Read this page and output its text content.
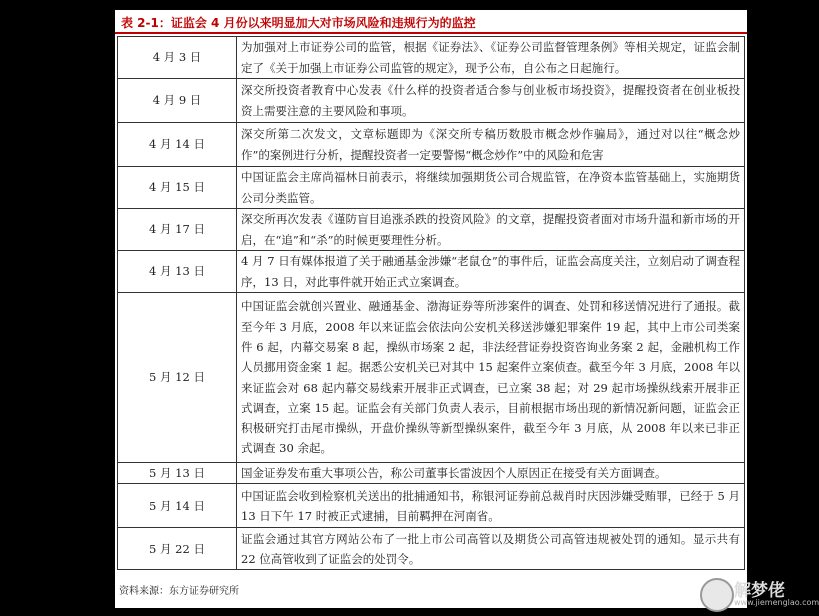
表 2-1：证监会 4 月份以来明显加大对市场风险和违规行为的监控
4 月 3 日	为加强对上市证券公司的监管，根据《证券法》、《证券公司监督管理条例》等相关规定，证监会制定了《关于加强上市证券公司监管的规定》，现予公布，自公布之日起施行。
4 月 9 日	深交所投资者教育中心发表《什么样的投资者适合参与创业板市场投资》，提醒投资者在创业板投资上需要注意的主要风险和事项。
4 月 14 日	深交所第二次发文，文章标题即为《深交所专稿历数股市概念炒作骗局》，通过对以往“概念炒作”的案例进行分析，提醒投资者一定要警惕“概念炒作”中的风险和危害
4 月 15 日	中国证监会主席尚福林日前表示，将继续加强期货公司合规监管，在净资本监管基础上，实施期货公司分类监管。
4 月 17 日	深交所再次发表《谨防盲目追涨杀跌的投资风险》的文章，提醒投资者面对市场升温和新市场的开启，在“追”和“杀”的时候更要理性分析。
4 月 13 日	4 月 7 日有媒体报道了关于融通基金涉嫌“老鼠仓”的事件后，证监会高度关注，立刻启动了调查程序，13 日，对此事件就开始正式立案调查。
5 月 12 日	中国证监会就创兴置业、融通基金、渤海证券等所涉案件的调查、处罚和移送情况进行了通报。截至今年 3 月底，2008 年以来证监会依法向公安机关移送涉嫌犯罪案件 19 起，其中上市公司类案件 6 起，内幕交易案 8 起，操纵市场案 2 起，非法经营证券投资咨询业务案 2 起，金融机构工作人员挪用资金案 1 起。据悉公安机关已对其中 15 起案件立案侦查。截至今年 3 月底，2008 年以来证监会对 68 起内幕交易线索开展非正式调查，已立案 38 起；对 29 起市场操纵线索开展非正式调查，立案 15 起。证监会有关部门负责人表示，目前根据市场出现的新情况新问题，证监会正积极研究打击尾市操纵，开盘价操纵等新型操纵案件，截至今年 3 月底，从 2008 年以来已非正式调查 30 余起。
5 月 13 日	国金证券发布重大事项公告，称公司董事长雷波因个人原因正在接受有关方面调查。
5 月 14 日	中国证监会收到检察机关送出的批捕通知书，称银河证券前总裁肖时庆因涉嫌受贿罪，已经于 5 月 13 日下午 17 时被正式逮捕，目前羁押在河南省。
5 月 22 日	证监会通过其官方网站公布了一批上市公司高管以及期货公司高管违规被处罚的通知。显示共有 22 位高管收到了证监会的处罚令。
资料来源：东方证券研究所	解梦佬
www.jiemenglao.com
